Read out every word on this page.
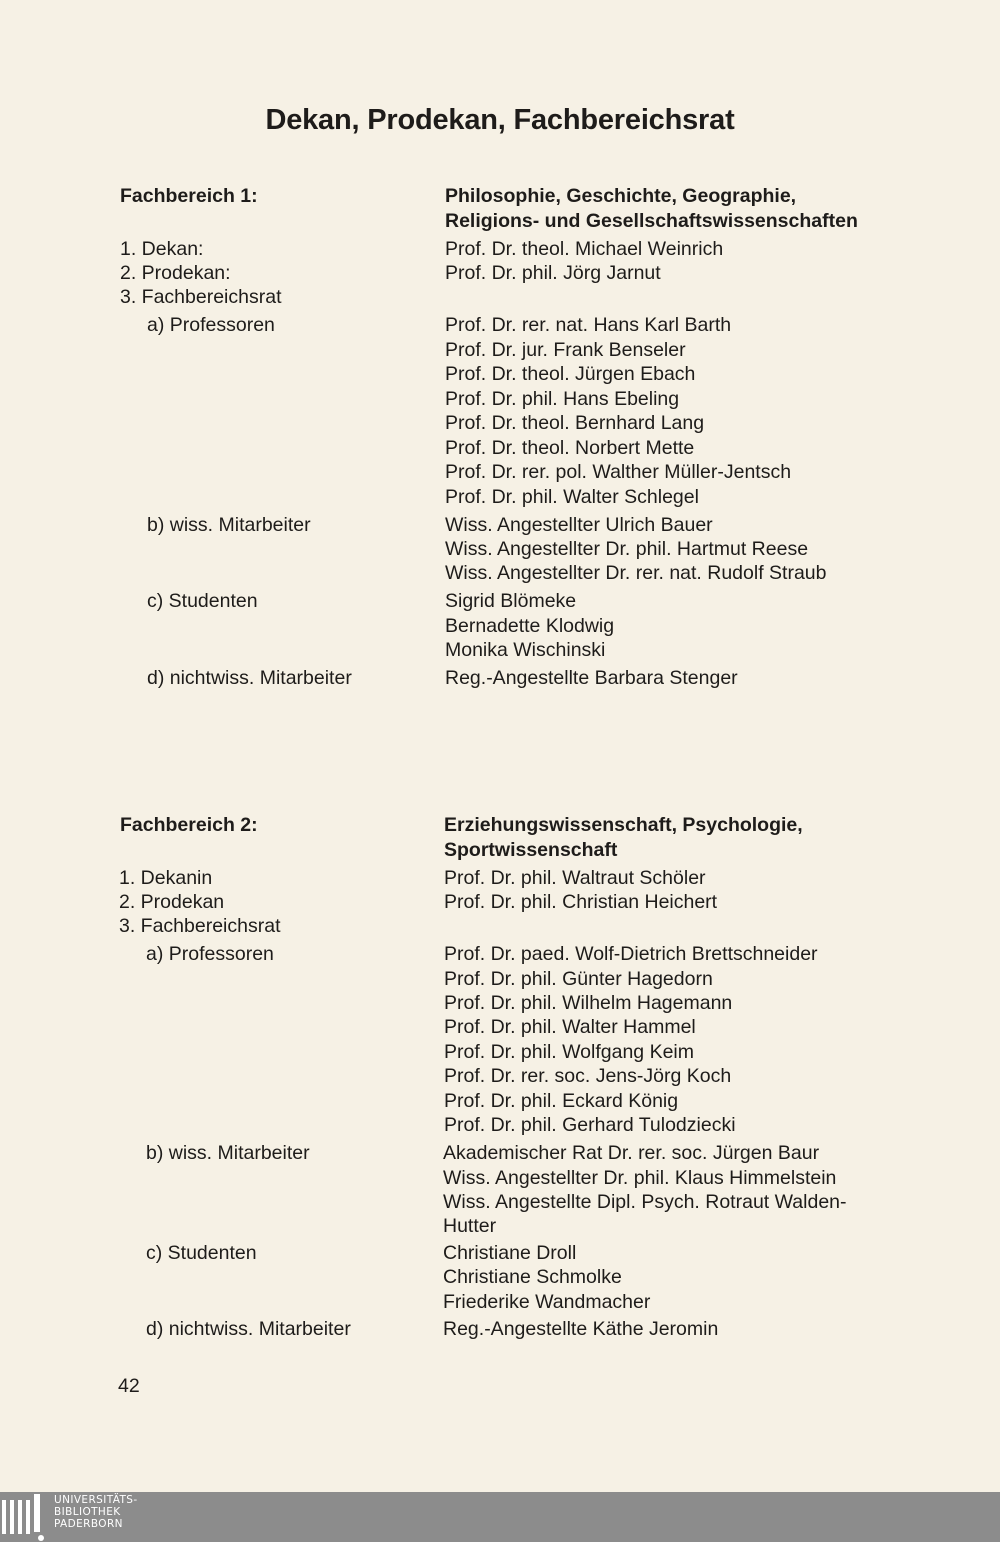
Dekan, Prodekan, Fachbereichsrat
Fachbereich 1:	Philosophie, Geschichte, Geographie,
Religions- und Gesellschaftswissenschaften
1. Dekan:	Prof. Dr. theol. Michael Weinrich
2. Prodekan:	Prof. Dr. phil. Jörg Jarnut
3. Fachbereichsrat
a) Professoren	Prof. Dr. rer. nat. Hans Karl Barth
Prof. Dr. jur. Frank Benseler
Prof. Dr. theol. Jürgen Ebach
Prof. Dr. phil. Hans Ebeling
Prof. Dr. theol. Bernhard Lang
Prof. Dr. theol. Norbert Mette
Prof. Dr. rer. pol. Walther Müller-Jentsch
Prof. Dr. phil. Walter Schlegel
b) wiss. Mitarbeiter	Wiss. Angestellter Ulrich Bauer
Wiss. Angestellter Dr. phil. Hartmut Reese
Wiss. Angestellter Dr. rer. nat. Rudolf Straub
c) Studenten	Sigrid Blömeke
Bernadette Klodwig
Monika Wischinski
d) nichtwiss. Mitarbeiter	Reg.-Angestellte Barbara Stenger
Fachbereich 2:	Erziehungswissenschaft, Psychologie,
Sportwissenschaft
1. Dekanin	Prof. Dr. phil. Waltraut Schöler
2. Prodekan	Prof. Dr. phil. Christian Heichert
3. Fachbereichsrat
a) Professoren	Prof. Dr. paed. Wolf-Dietrich Brettschneider
Prof. Dr. phil. Günter Hagedorn
Prof. Dr. phil. Wilhelm Hagemann
Prof. Dr. phil. Walter Hammel
Prof. Dr. phil. Wolfgang Keim
Prof. Dr. rer. soc. Jens-Jörg Koch
Prof. Dr. phil. Eckard König
Prof. Dr. phil. Gerhard Tulodziecki
b) wiss. Mitarbeiter	Akademischer Rat Dr. rer. soc. Jürgen Baur
Wiss. Angestellter Dr. phil. Klaus Himmelstein
Wiss. Angestellte Dipl. Psych. Rotraut Walden-
Hutter
c) Studenten	Christiane Droll
Christiane Schmolke
Friederike Wandmacher
d) nichtwiss. Mitarbeiter	Reg.-Angestellte Käthe Jeromin
42
UNIVERSITÄTS-
BIBLIOTHEK
PADERBORN
